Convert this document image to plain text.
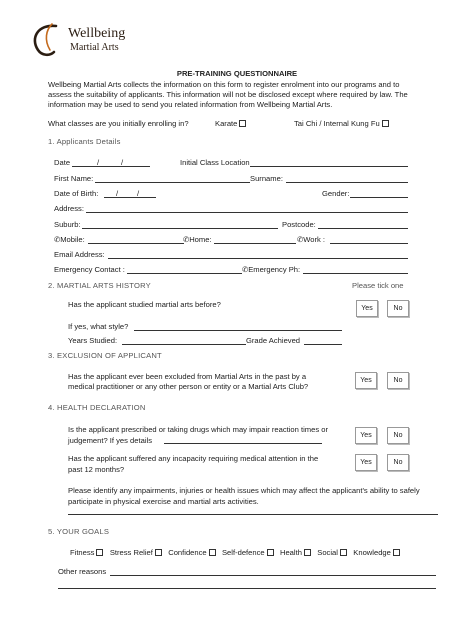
Wellbeing
Martial Arts
PRE-TRAINING QUESTIONNAIRE
Wellbeing Martial Arts collects the information on this form to register enrolment into our programs and to
assess the suitability of applicants. This information will not be disclosed except where required by law. The
information may be used to send you related information from Wellbeing Martial Arts.
What classes are you initially enrolling in?	Karate	Tai Chi / Internal Kung Fu
1. Applicants Details
Date	/	/	Initial Class Location
First Name:	Surname:
Date of Birth: / /	Gender:
Address:
Suburb:	Postcode:
✆Mobile:	✆Home:	✆Work :
Email Address:
Emergency Contact :	✆Emergency Ph:
2. MARTIAL ARTS HISTORY	Please tick one
Has the applicant studied martial arts before?	Yes	No
If yes, what style?
Years Studied:	Grade Achieved
3. EXCLUSION OF APPLICANT
Has the applicant ever been excluded from Martial Arts in the past by a
medical practitioner or any other person or entity or a Martial Arts Club?
Yes	No
4. HEALTH DECLARATION
Is the applicant prescribed or taking drugs which may impair reaction times or
judgement? If yes details
Yes	No
Has the applicant suffered any incapacity requiring medical attention in the
past 12 months?
Yes	No
Please identify any impairments, injuries or health issues which may affect the applicant's ability to safely
participate in physical exercise and martial arts activities.
5. YOUR GOALS
Fitness Stress Relief Confidence Self-defence Health Social Knowledge
Other reasons
